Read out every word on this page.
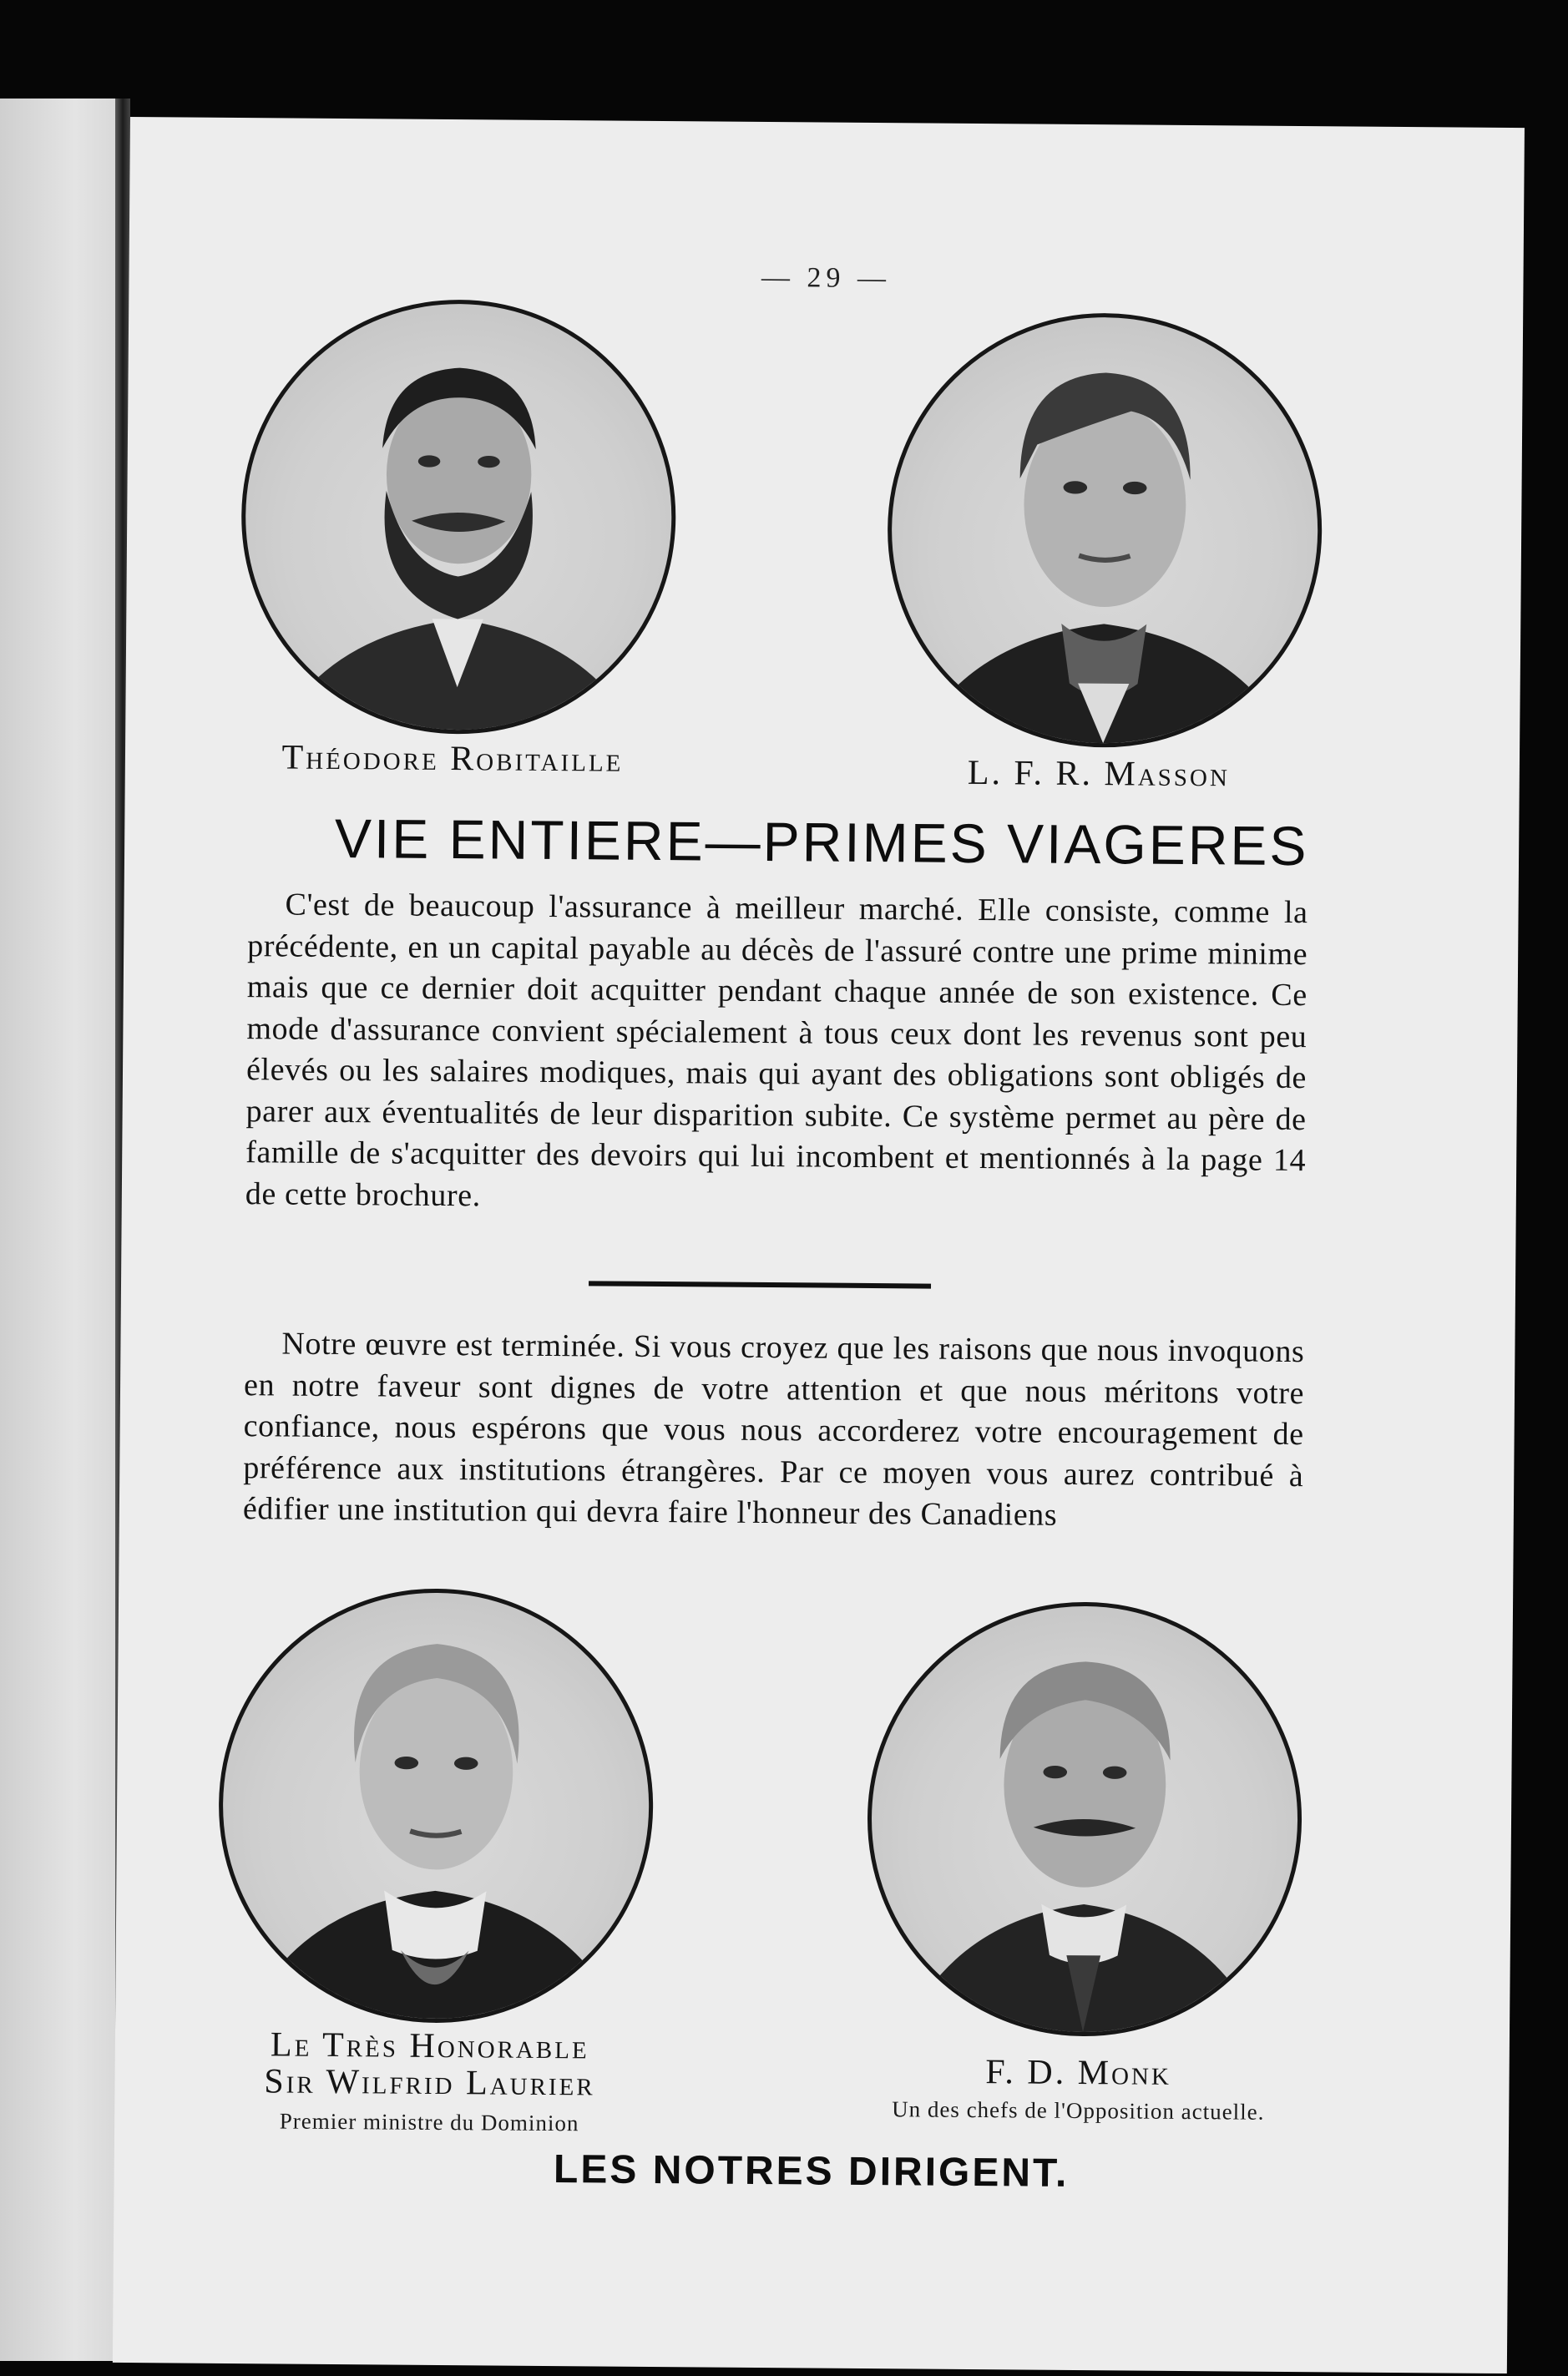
— 29 —
Théodore Robitaille	L. F. R. Masson
VIE ENTIERE—PRIMES VIAGERES

C'est de beaucoup l'assurance à meilleur marché. Elle consiste, comme la précédente, en un capital payable au décès de l'assuré contre une prime minime mais que ce dernier doit acquitter pendant chaque année de son existence. Ce mode d'assurance convient spécialement à tous ceux dont les revenus sont peu élevés ou les salaires modiques, mais qui ayant des obligations sont obligés de parer aux éventualités de leur disparition subite. Ce système permet au père de famille de s'acquitter des devoirs qui lui incombent et mentionnés à la page 14 de cette brochure.

Notre œuvre est terminée. Si vous croyez que les raisons que nous invoquons en notre faveur sont dignes de votre attention et que nous méritons votre confiance, nous espérons que vous nous accorderez votre encouragement de préférence aux institutions étrangères. Par ce moyen vous aurez contribué à édifier une institution qui devra faire l'honneur des Canadiens

Le Très Honorable
Sir Wilfrid Laurier
Premier ministre du Dominion
F. D. Monk
Un des chefs de l'Opposition actuelle.
LES NOTRES DIRIGENT.
